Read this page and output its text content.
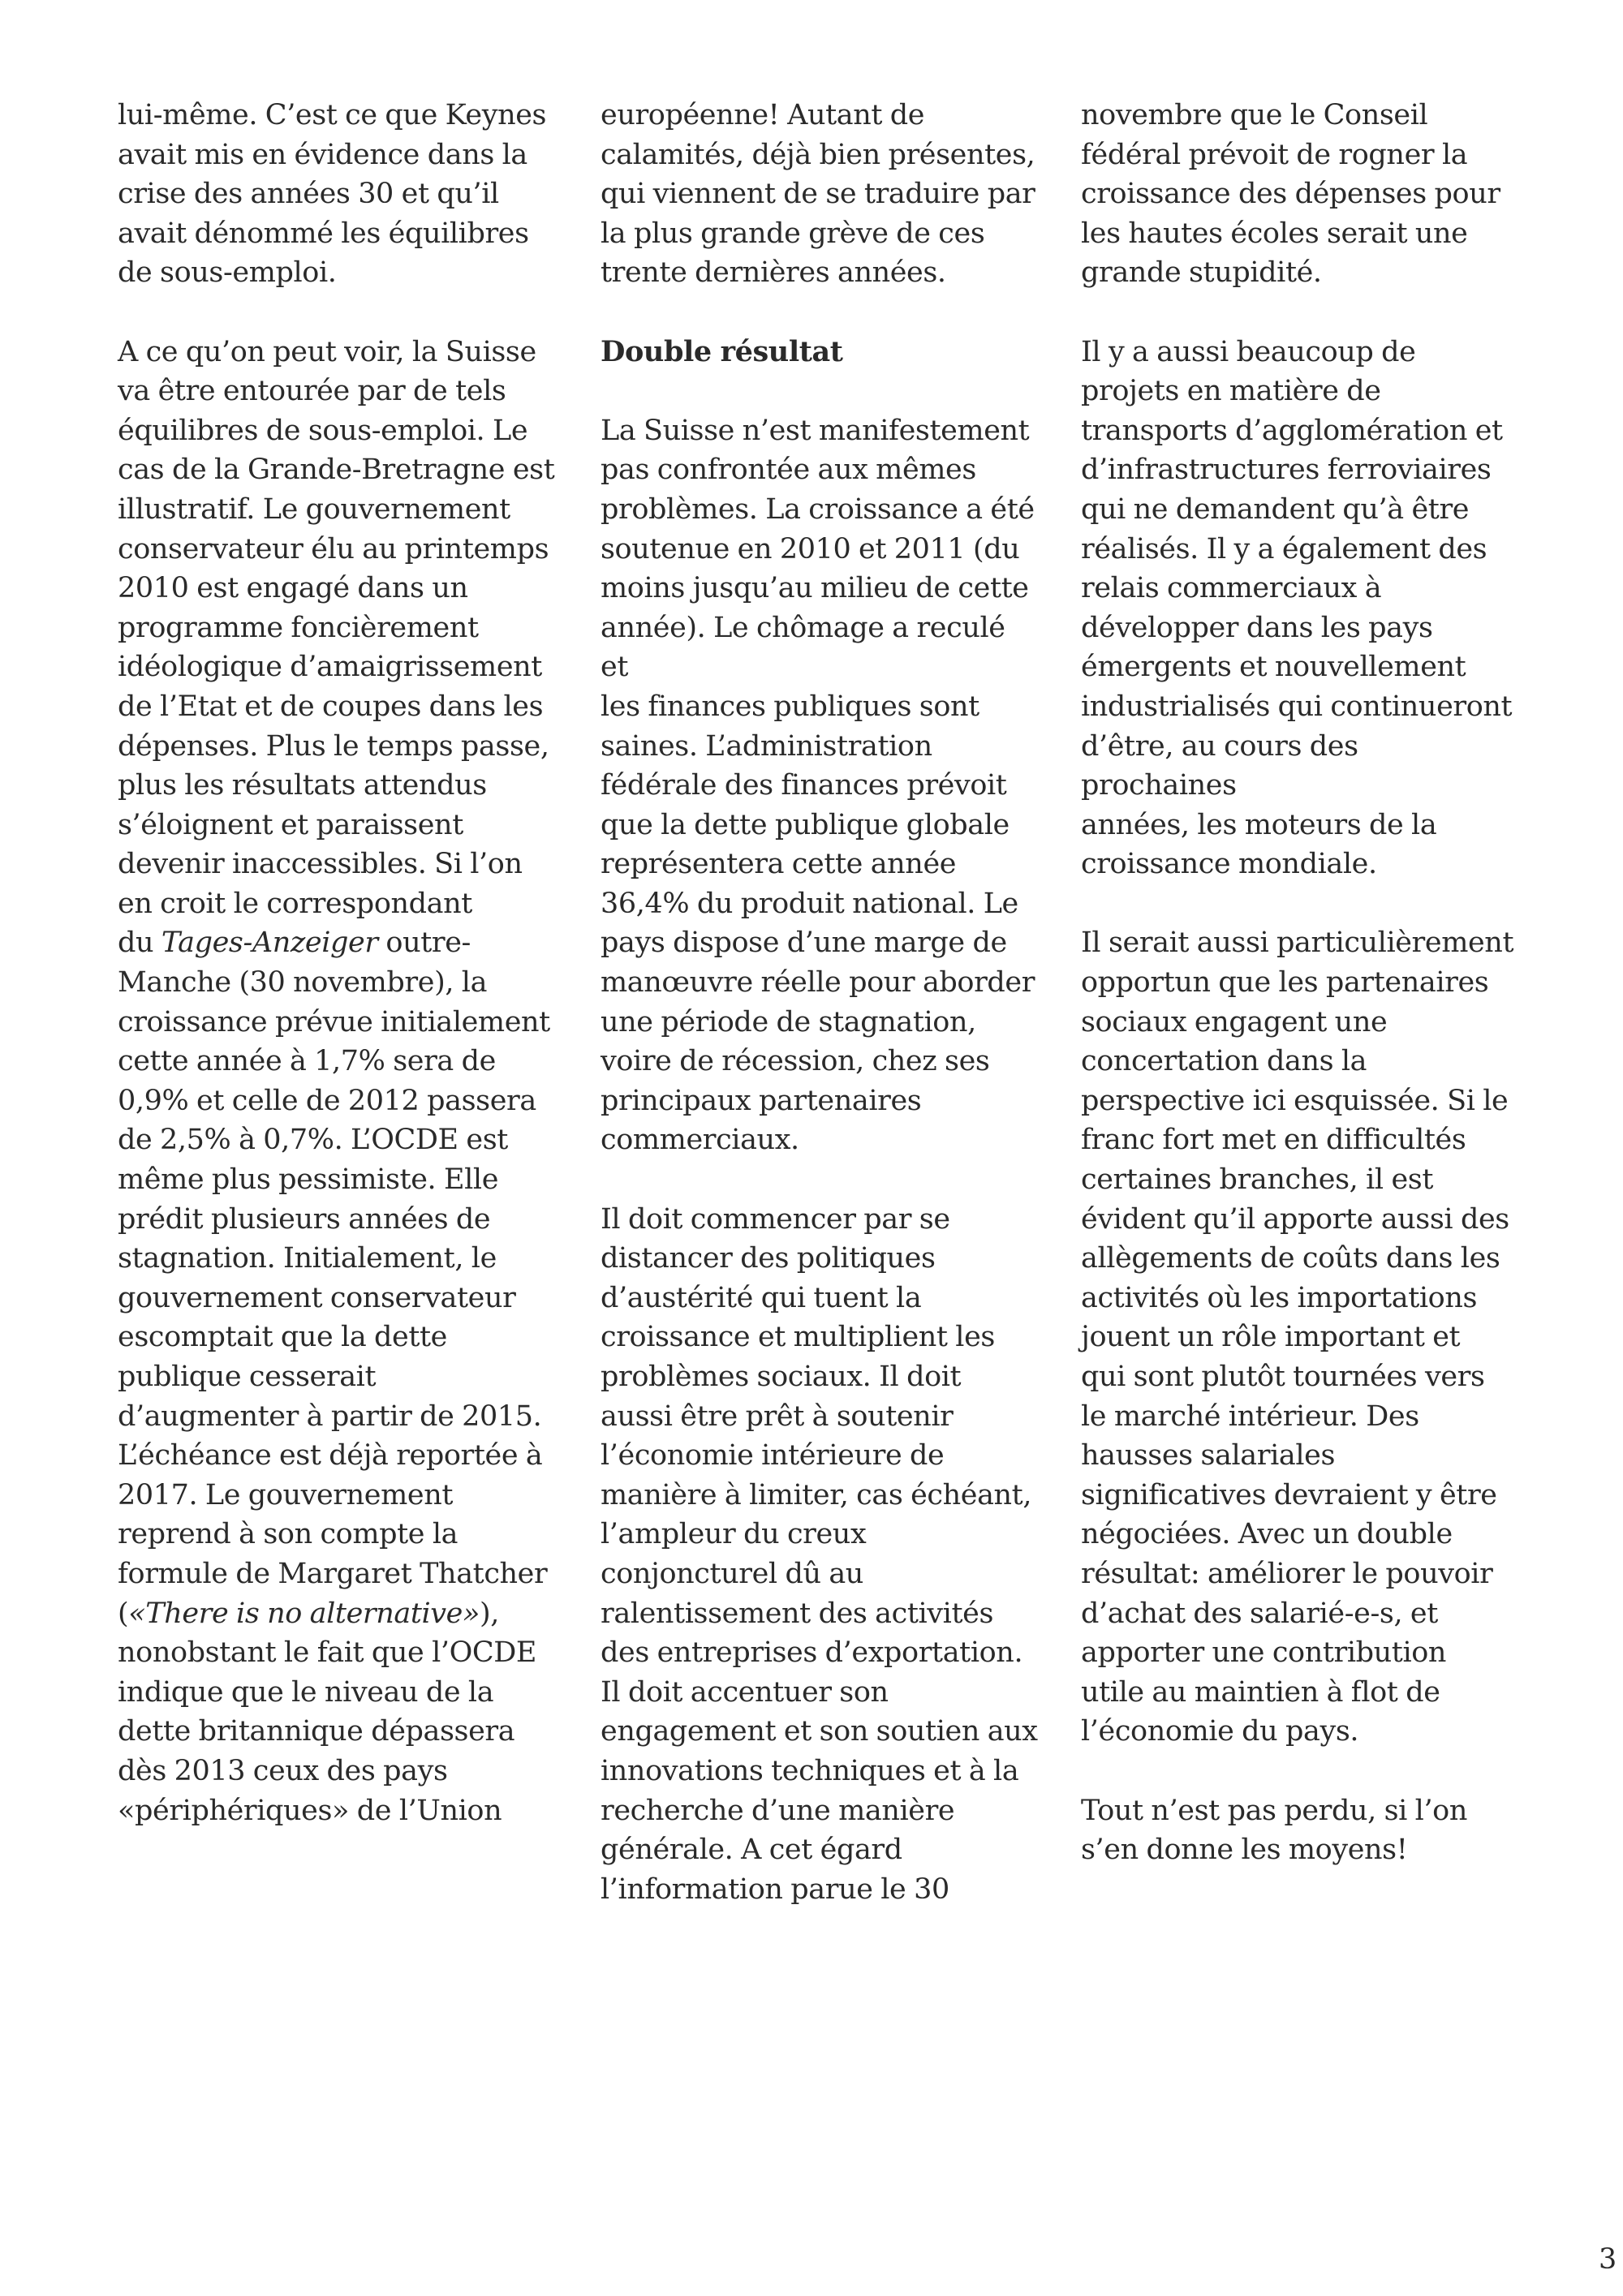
lui-même. C’est ce que Keynes
avait mis en évidence dans la
crise des années 30 et qu’il
avait dénommé les équilibres
de sous-emploi.

A ce qu’on peut voir, la Suisse
va être entourée par de tels
équilibres de sous-emploi. Le
cas de la Grande-Bretragne est
illustratif. Le gouvernement
conservateur élu au printemps
2010 est engagé dans un
programme foncièrement
idéologique d’amaigrissement
de l’Etat et de coupes dans les
dépenses. Plus le temps passe,
plus les résultats attendus
s’éloignent et paraissent
devenir inaccessibles. Si l’on
en croit le correspondant
du Tages-Anzeiger outre-
Manche (30 novembre), la
croissance prévue initialement
cette année à 1,7% sera de
0,9% et celle de 2012 passera
de 2,5% à 0,7%. L’OCDE est
même plus pessimiste. Elle
prédit plusieurs années de
stagnation. Initialement, le
gouvernement conservateur
escomptait que la dette
publique cesserait
d’augmenter à partir de 2015.
L’échéance est déjà reportée à
2017. Le gouvernement
reprend à son compte la
formule de Margaret Thatcher
(«There is no alternative»),
nonobstant le fait que l’OCDE
indique que le niveau de la
dette britannique dépassera
dès 2013 ceux des pays
«périphériques» de l’Union

européenne! Autant de
calamités, déjà bien présentes,
qui viennent de se traduire par
la plus grande grève de ces
trente dernières années.

Double résultat

La Suisse n’est manifestement
pas confrontée aux mêmes
problèmes. La croissance a été
soutenue en 2010 et 2011 (du
moins jusqu’au milieu de cette
année). Le chômage a reculé et
les finances publiques sont
saines. L’administration
fédérale des finances prévoit
que la dette publique globale
représentera cette année
36,4% du produit national. Le
pays dispose d’une marge de
manœuvre réelle pour aborder
une période de stagnation,
voire de récession, chez ses
principaux partenaires
commerciaux.

Il doit commencer par se
distancer des politiques
d’austérité qui tuent la
croissance et multiplient les
problèmes sociaux. Il doit
aussi être prêt à soutenir
l’économie intérieure de
manière à limiter, cas échéant,
l’ampleur du creux
conjoncturel dû au
ralentissement des activités
des entreprises d’exportation.
Il doit accentuer son
engagement et son soutien aux
innovations techniques et à la
recherche d’une manière
générale. A cet égard
l’information parue le 30

novembre que le Conseil
fédéral prévoit de rogner la
croissance des dépenses pour
les hautes écoles serait une
grande stupidité.

Il y a aussi beaucoup de
projets en matière de
transports d’agglomération et
d’infrastructures ferroviaires
qui ne demandent qu’à être
réalisés. Il y a également des
relais commerciaux à
développer dans les pays
émergents et nouvellement
industrialisés qui continueront
d’être, au cours des prochaines
années, les moteurs de la
croissance mondiale.

Il serait aussi particulièrement
opportun que les partenaires
sociaux engagent une
concertation dans la
perspective ici esquissée. Si le
franc fort met en difficultés
certaines branches, il est
évident qu’il apporte aussi des
allègements de coûts dans les
activités où les importations
jouent un rôle important et
qui sont plutôt tournées vers
le marché intérieur. Des
hausses salariales
significatives devraient y être
négociées. Avec un double
résultat: améliorer le pouvoir
d’achat des salarié-e-s, et
apporter une contribution
utile au maintien à flot de
l’économie du pays.

Tout n’est pas perdu, si l’on
s’en donne les moyens!

3
